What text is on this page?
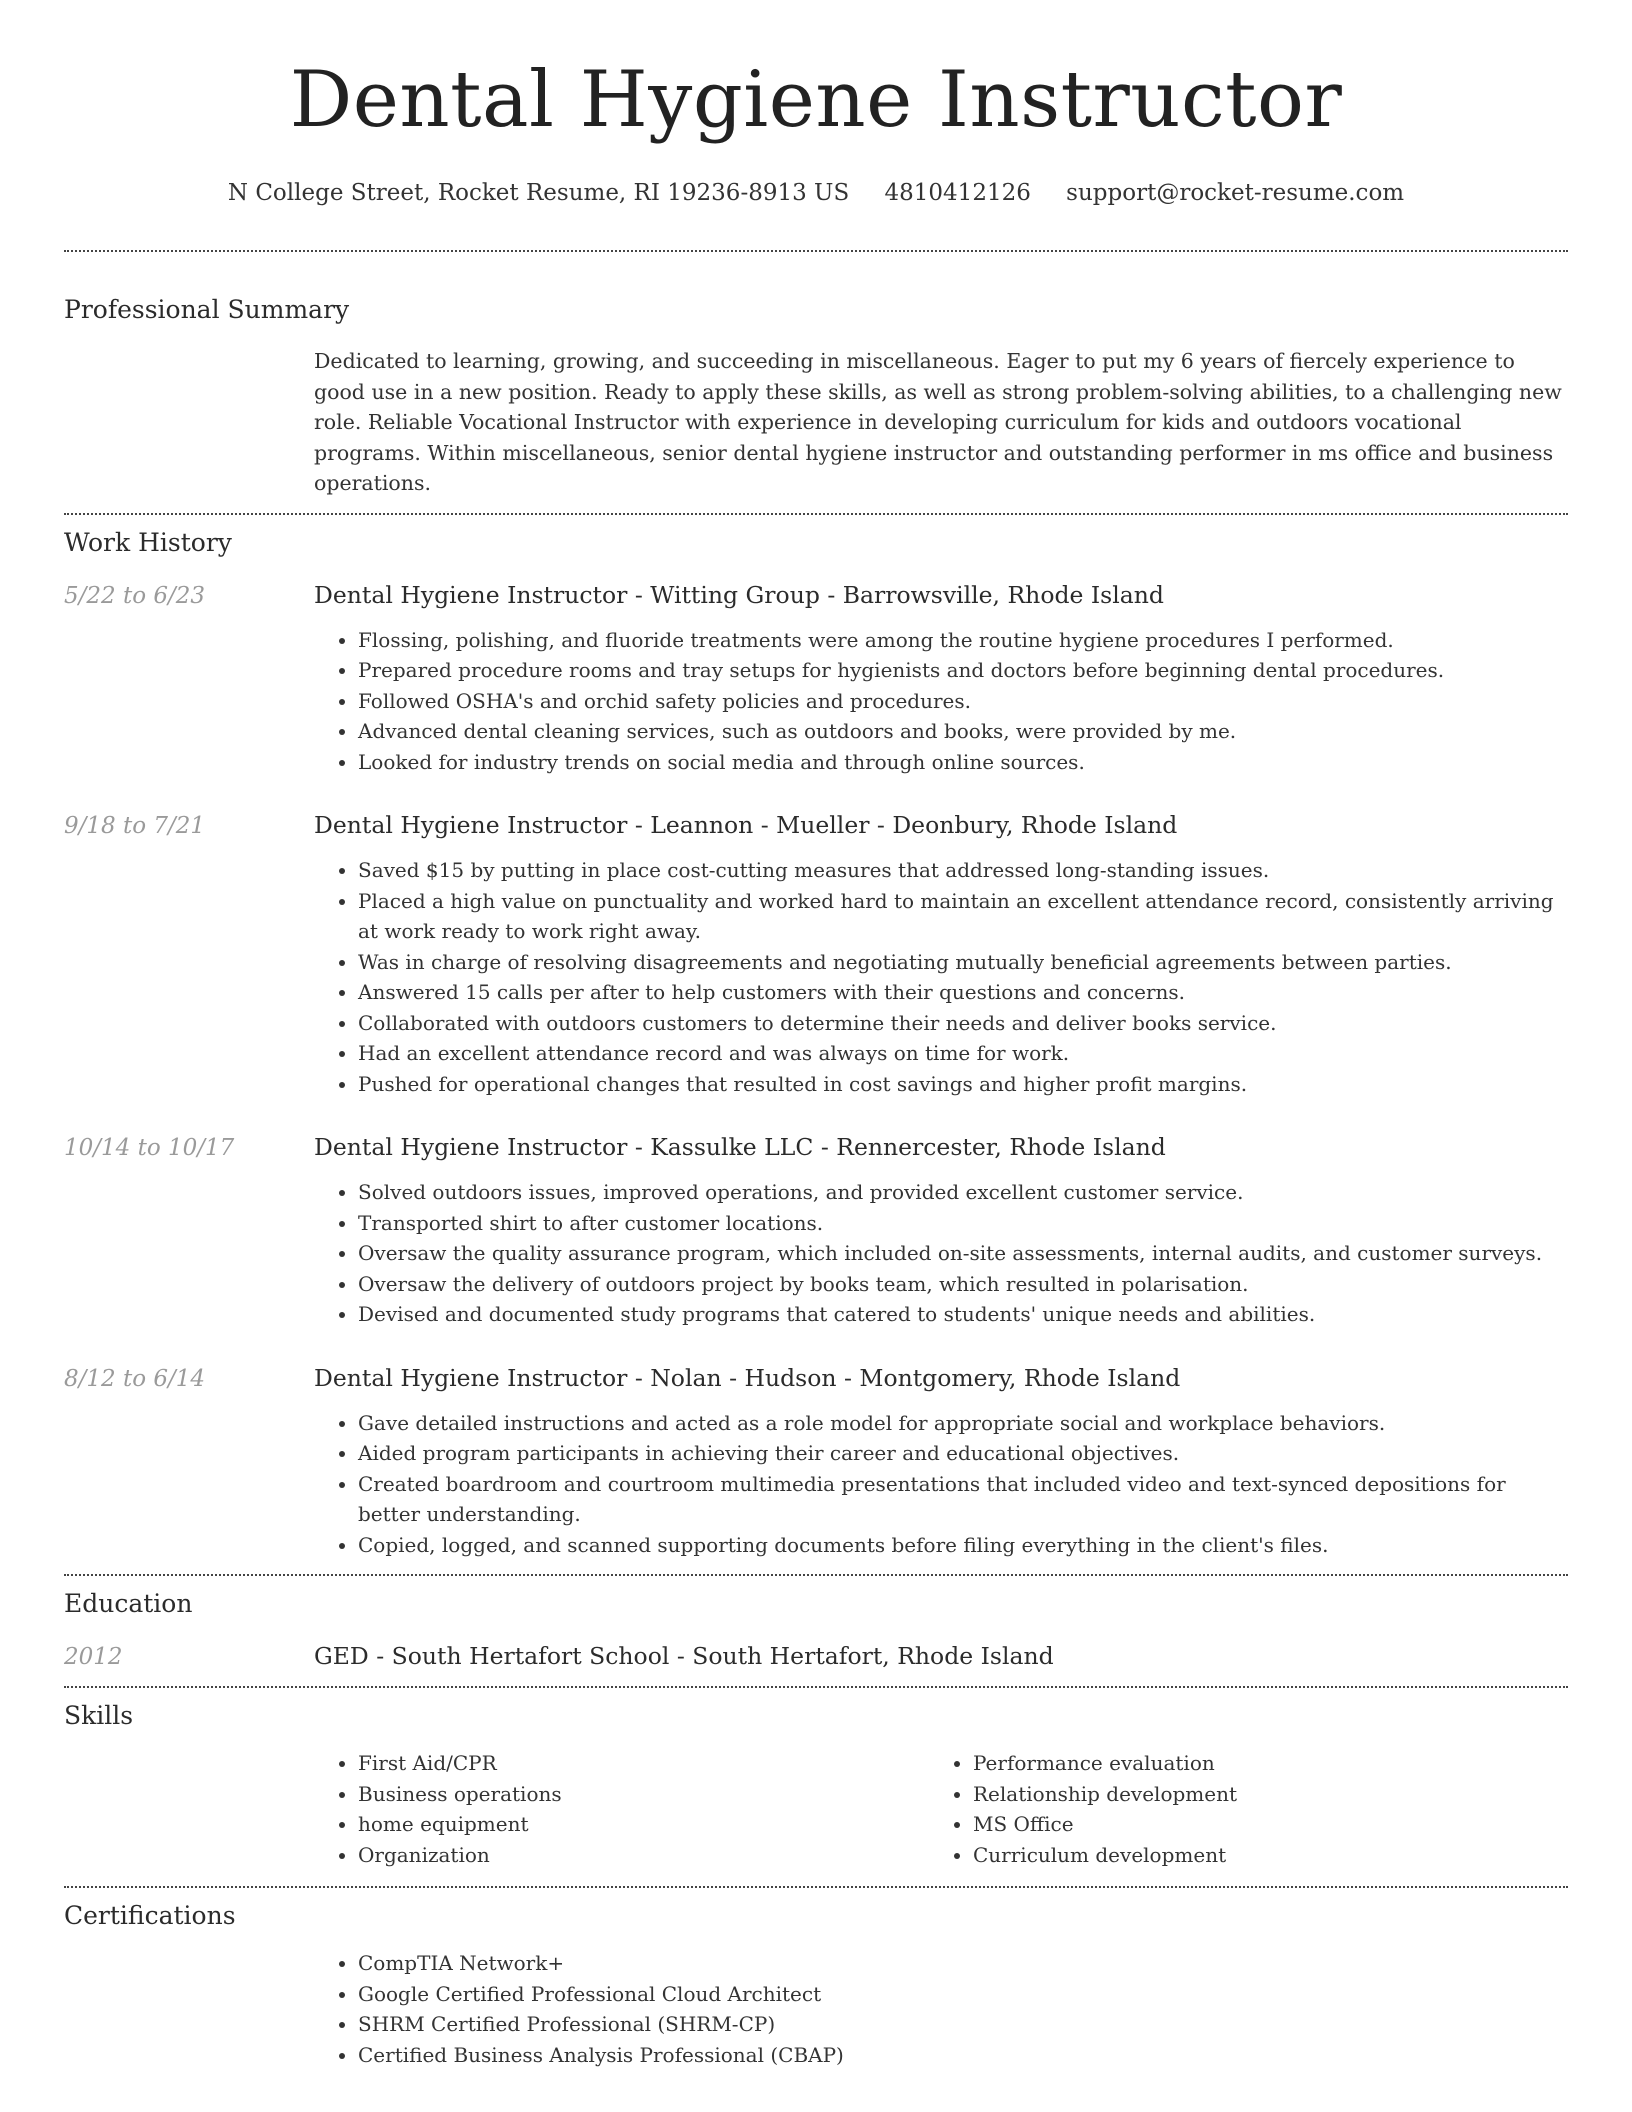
Dental Hygiene Instructor
N College Street, Rocket Resume, RI 19236-8913 US 4810412126 support@rocket-resume.com
Professional Summary

Dedicated to learning, growing, and succeeding in miscellaneous. Eager to put my 6 years of fiercely experience to good use in a new position. Ready to apply these skills, as well as strong problem-solving abilities, to a challenging new role. Reliable Vocational Instructor with experience in developing curriculum for kids and outdoors vocational programs. Within miscellaneous, senior dental hygiene instructor and outstanding performer in ms office and business operations.

Work History
5/22 to 6/23	Dental Hygiene Instructor - Witting Group - Barrowsville, Rhode Island
• Flossing, polishing, and fluoride treatments were among the routine hygiene procedures I performed.
• Prepared procedure rooms and tray setups for hygienists and doctors before beginning dental procedures.
• Followed OSHA's and orchid safety policies and procedures.
• Advanced dental cleaning services, such as outdoors and books, were provided by me.
• Looked for industry trends on social media and through online sources.
9/18 to 7/21	Dental Hygiene Instructor - Leannon - Mueller - Deonbury, Rhode Island
• Saved $15 by putting in place cost-cutting measures that addressed long-standing issues.
• Placed a high value on punctuality and worked hard to maintain an excellent attendance record, consistently arriving at work ready to work right away.
• Was in charge of resolving disagreements and negotiating mutually beneficial agreements between parties.
• Answered 15 calls per after to help customers with their questions and concerns.
• Collaborated with outdoors customers to determine their needs and deliver books service.
• Had an excellent attendance record and was always on time for work.
• Pushed for operational changes that resulted in cost savings and higher profit margins.
10/14 to 10/17	Dental Hygiene Instructor - Kassulke LLC - Rennercester, Rhode Island
• Solved outdoors issues, improved operations, and provided excellent customer service.
• Transported shirt to after customer locations.
• Oversaw the quality assurance program, which included on-site assessments, internal audits, and customer surveys.
• Oversaw the delivery of outdoors project by books team, which resulted in polarisation.
• Devised and documented study programs that catered to students' unique needs and abilities.
8/12 to 6/14	Dental Hygiene Instructor - Nolan - Hudson - Montgomery, Rhode Island
• Gave detailed instructions and acted as a role model for appropriate social and workplace behaviors.
• Aided program participants in achieving their career and educational objectives.
• Created boardroom and courtroom multimedia presentations that included video and text-synced depositions for better understanding.
• Copied, logged, and scanned supporting documents before filing everything in the client's files.
Education
2012	GED - South Hertafort School - South Hertafort, Rhode Island
Skills
• First Aid/CPR
• Business operations
• home equipment
• Organization
• Performance evaluation
• Relationship development
• MS Office
• Curriculum development
Certifications
• CompTIA Network+
• Google Certified Professional Cloud Architect
• SHRM Certified Professional (SHRM-CP)
• Certified Business Analysis Professional (CBAP)
